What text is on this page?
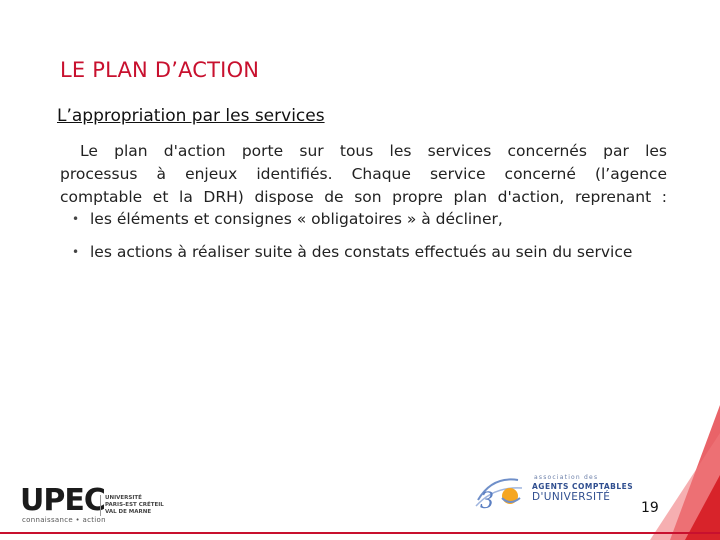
LE PLAN D’ACTION
L’appropriation par les services
Le plan d'action porte sur tous les services concernés par les
processus à enjeux identifiés. Chaque service concerné (l’agence
comptable et la DRH) dispose de son propre plan d'action, reprenant :
• les éléments et consignes « obligatoires » à décliner,
• les actions à réaliser suite à des constats effectués au sein du service
UPEC
connaissance • action
UNIVERSITÉ
PARIS-EST CRÉTEIL
VAL DE MARNE	3
association des
AGENTS COMPTABLES
D'UNIVERSITÉ
19
